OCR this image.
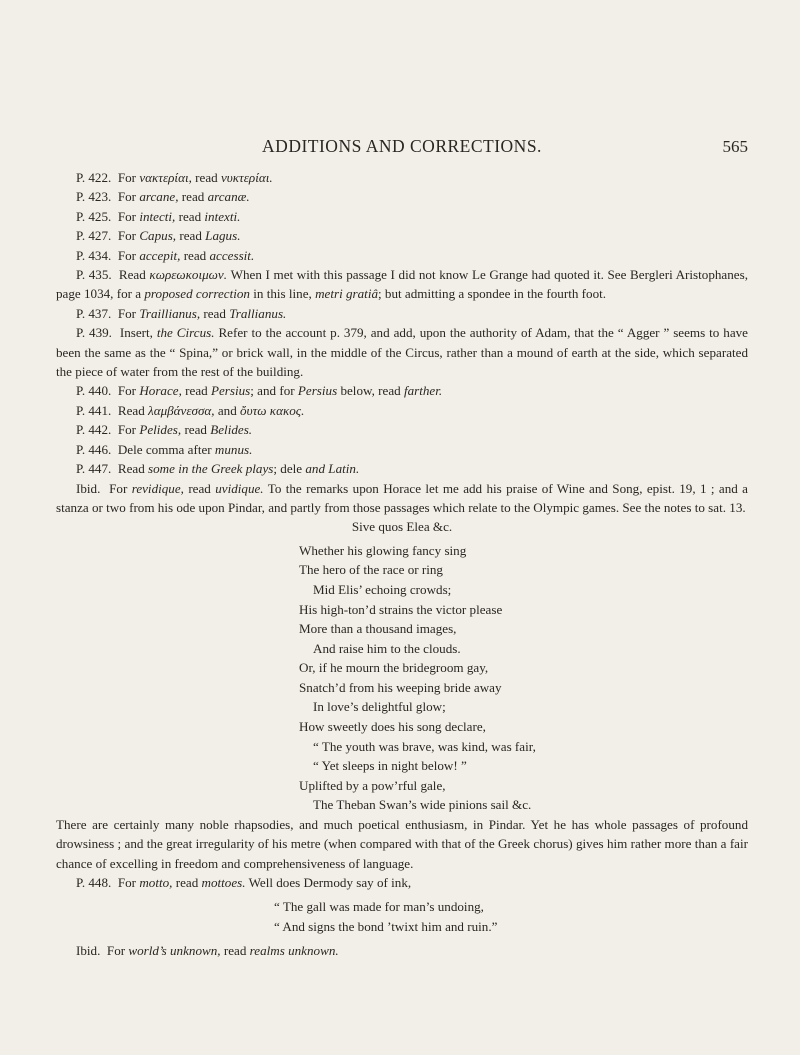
ADDITIONS AND CORRECTIONS.	565

P. 422. For νακτερίαι, read νυκτερίαι.

P. 423. For arcane, read arcanæ.

P. 425. For intecti, read intexti.

P. 427. For Capus, read Lagus.

P. 434. For accepit, read accessit.

P. 435. Read κωρεωκοιμων. When I met with this passage I did not know Le Grange had quoted it. See Bergleri Aristophanes, page 1034, for a proposed correction in this line, metri gratiâ; but admitting a spondee in the fourth foot.

P. 437. For Traillianus, read Trallianus.

P. 439. Insert, the Circus. Refer to the account p. 379, and add, upon the authority of Adam, that the “ Agger ” seems to have been the same as the “ Spina,” or brick wall, in the middle of the Circus, rather than a mound of earth at the side, which separated the piece of water from the rest of the building.

P. 440. For Horace, read Persius; and for Persius below, read farther.

P. 441. Read λαμβάνεσσα, and ὄυτω κακος.

P. 442. For Pelides, read Belides.

P. 446. Dele comma after munus.

P. 447. Read some in the Greek plays; dele and Latin.

Ibid. For revidique, read uvidique. To the remarks upon Horace let me add his praise of Wine and Song, epist. 19, 1 ; and a stanza or two from his ode upon Pindar, and partly from those passages which relate to the Olympic games. See the notes to sat. 13.

Sive quos Elea &c.

Whether his glowing fancy sing

The hero of the race or ring

Mid Elis’ echoing crowds;

His high-ton’d strains the victor please

More than a thousand images,

And raise him to the clouds.

Or, if he mourn the bridegroom gay,

Snatch’d from his weeping bride away

In love’s delightful glow;

How sweetly does his song declare,

“ The youth was brave, was kind, was fair,

“ Yet sleeps in night below! ”

Uplifted by a pow’rful gale,

The Theban Swan’s wide pinions sail &c.

There are certainly many noble rhapsodies, and much poetical enthusiasm, in Pindar. Yet he has whole passages of profound drowsiness ; and the great irregularity of his metre (when compared with that of the Greek chorus) gives him rather more than a fair chance of excelling in freedom and comprehensiveness of language.

P. 448. For motto, read mottoes. Well does Dermody say of ink,

“ The gall was made for man’s undoing,

“ And signs the bond ’twixt him and ruin.”

Ibid. For world’s unknown, read realms unknown.
